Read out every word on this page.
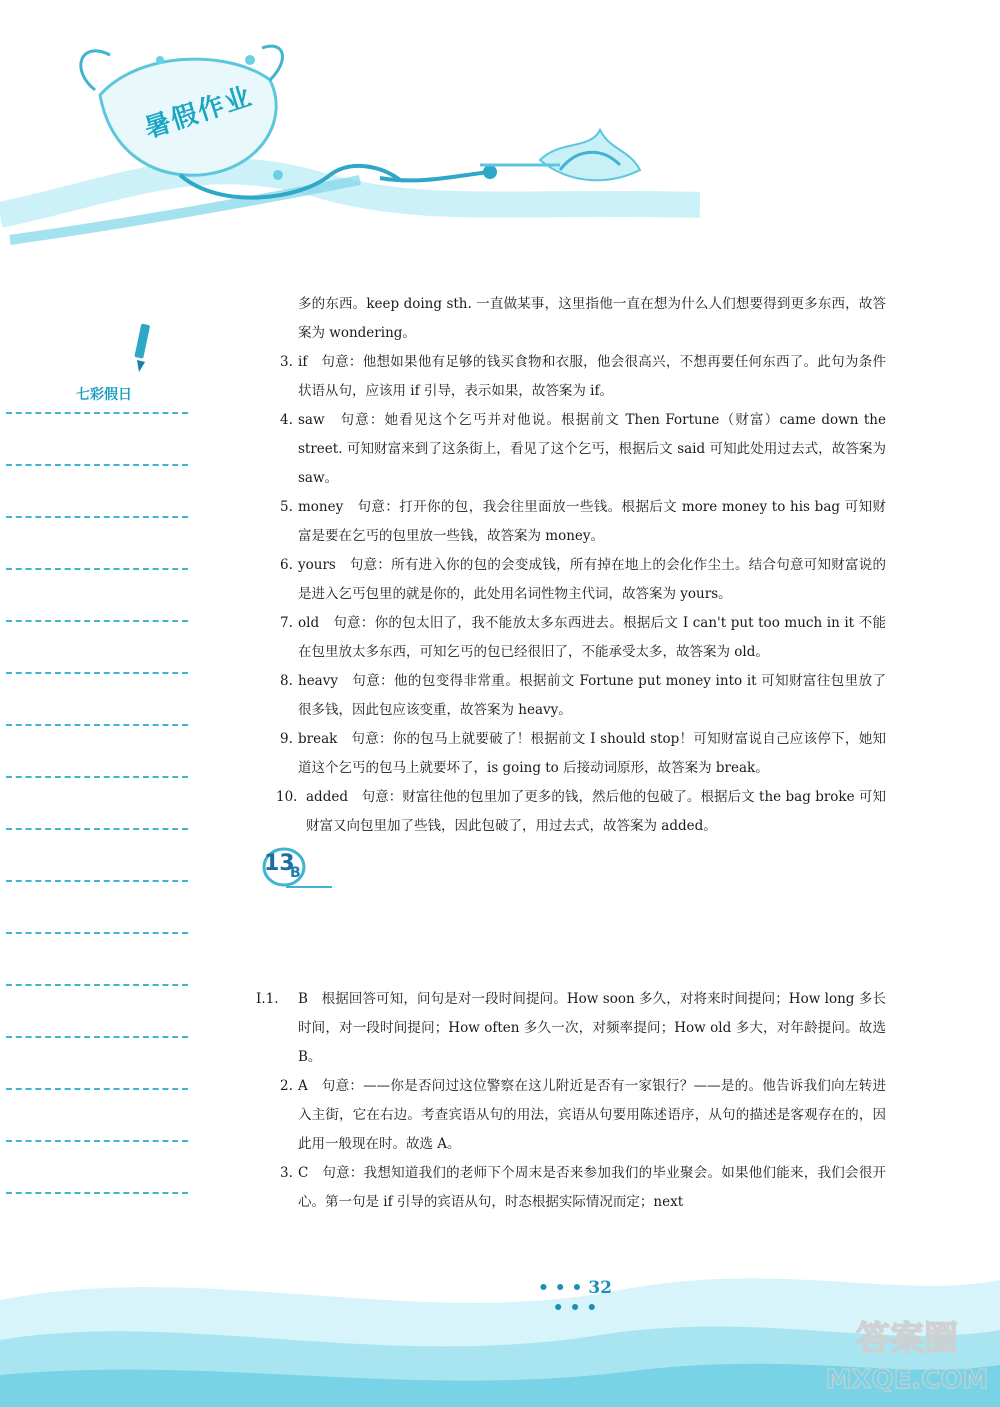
暑假作业
七彩假日

多的东西。keep doing sth. 一直做某事，这里指他一直在想为什么人们想要得到更多东西，故答案为 wondering。

3. if　句意：他想如果他有足够的钱买食物和衣服，他会很高兴，不想再要任何东西了。此句为条件状语从句，应该用 if 引导，表示如果，故答案为 if。

4. saw　句意：她看见这个乞丐并对他说。根据前文 Then Fortune（财富）came down the street. 可知财富来到了这条街上，看见了这个乞丐，根据后文 said 可知此处用过去式，故答案为 saw。

5. money　句意：打开你的包，我会往里面放一些钱。根据后文 more money to his bag 可知财富是要在乞丐的包里放一些钱，故答案为 money。

6. yours　句意：所有进入你的包的会变成钱，所有掉在地上的会化作尘土。结合句意可知财富说的是进入乞丐包里的就是你的，此处用名词性物主代词，故答案为 yours。

7. old　句意：你的包太旧了，我不能放太多东西进去。根据后文 I can't put too much in it 不能在包里放太多东西，可知乞丐的包已经很旧了，不能承受太多，故答案为 old。

8. heavy　句意：他的包变得非常重。根据前文 Fortune put money into it 可知财富往包里放了很多钱，因此包应该变重，故答案为 heavy。

9. break　句意：你的包马上就要破了！根据前文 I should stop！可知财富说自己应该停下，她知道这个乞丐的包马上就要坏了，is going to 后接动词原形，故答案为 break。

10. added　句意：财富往他的包里加了更多的钱，然后他的包破了。根据后文 the bag broke 可知财富又向包里加了些钱，因此包破了，用过去式，故答案为 added。

13
B

Ⅰ.1. B　根据回答可知，问句是对一段时间提问。How soon 多久，对将来时间提问；How long 多长时间，对一段时间提问；How often 多久一次，对频率提问；How old 多大，对年龄提问。故选 B。

2. A　句意：——你是否问过这位警察在这儿附近是否有一家银行？——是的。他告诉我们向左转进入主街，它在右边。考查宾语从句的用法，宾语从句要用陈述语序，从句的描述是客观存在的，因此用一般现在时。故选 A。

3. C　句意：我想知道我们的老师下个周末是否来参加我们的毕业聚会。如果他们能来，我们会很开心。第一句是 if 引导的宾语从句，时态根据实际情况而定；next

• • • 32 • • •
答案圈
MXQE.COM
